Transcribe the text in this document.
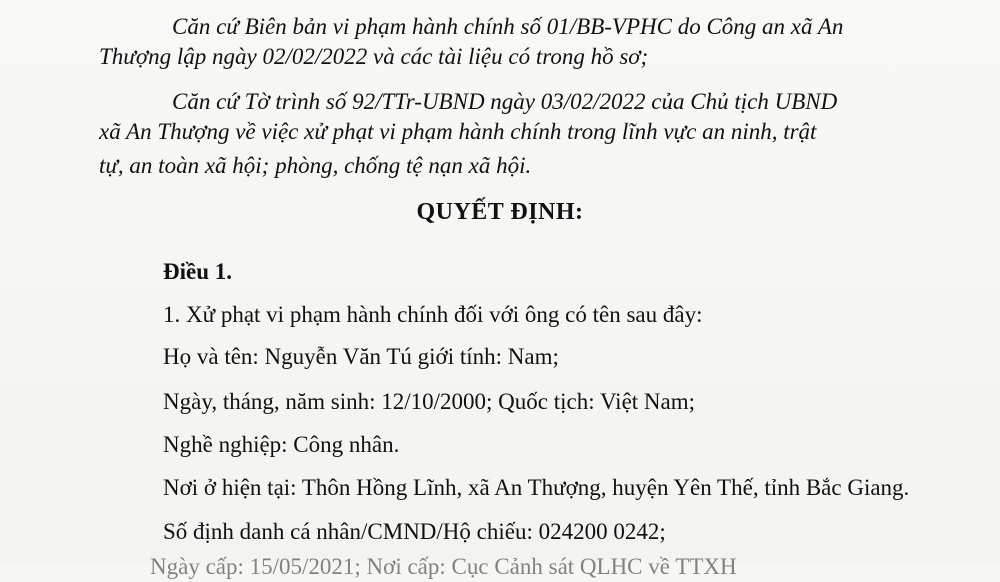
Căn cứ Biên bản vi phạm hành chính số 01/BB-VPHC do Công an xã An
Thượng lập ngày 02/02/2022 và các tài liệu có trong hồ sơ;
Căn cứ Tờ trình số 92/TTr-UBND ngày 03/02/2022 của Chủ tịch UBND
xã An Thượng về việc xử phạt vi phạm hành chính trong lĩnh vực an ninh, trật
tự, an toàn xã hội; phòng, chống tệ nạn xã hội.
QUYẾT ĐỊNH:
Điều 1.
1. Xử phạt vi phạm hành chính đối với ông có tên sau đây:
Họ và tên: Nguyễn Văn Tú giới tính: Nam;
Ngày, tháng, năm sinh: 12/10/2000; Quốc tịch: Việt Nam;
Nghề nghiệp: Công nhân.
Nơi ở hiện tại: Thôn Hồng Lĩnh, xã An Thượng, huyện Yên Thế, tỉnh Bắc Giang.
Số định danh cá nhân/CMND/Hộ chiếu: 024200 0242;
Ngày cấp: 15/05/2021; Nơi cấp: Cục Cảnh sát QLHC về TTXH
